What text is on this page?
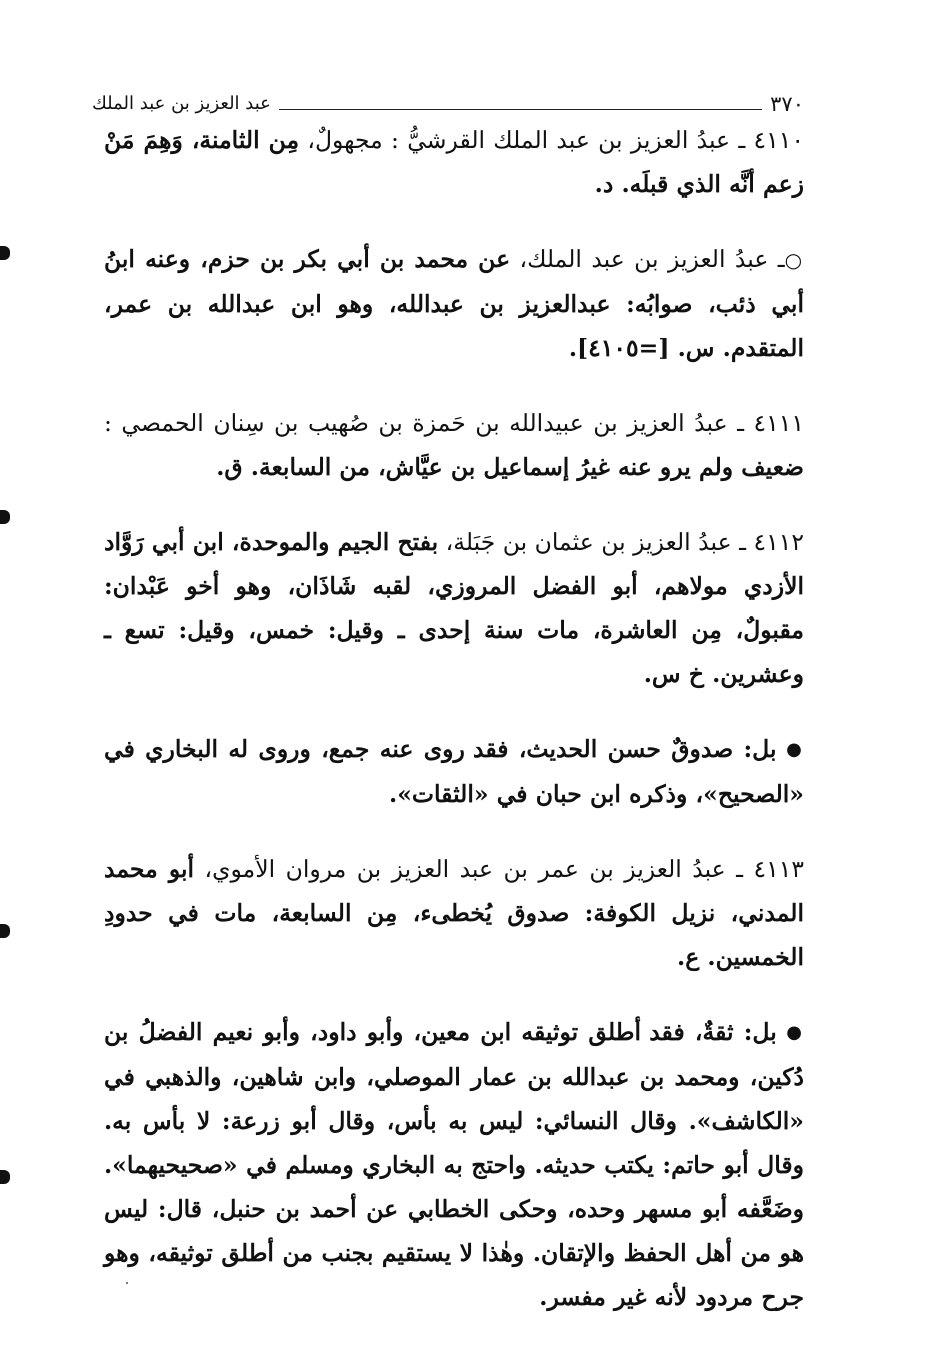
٣٧٠
عبد العزيز بن عبد الملك

٤١١٠ ـ عبدُ العزيز بن عبد الملك القرشيُّ : مجهولٌ، مِن الثامنة، وَهِمَ مَنْ زعم أنَّه الذي قبلَه. د.

○ـ عبدُ العزيز بن عبد الملك، عن محمد بن أبي بكر بن حزم، وعنه ابنُ أبي ذئب، صوابُه: عبدالعزيز بن عبدالله، وهو ابن عبدالله بن عمر، المتقدم. س. [=٤١٠٥].

٤١١١ ـ عبدُ العزيز بن عبيدالله بن حَمزة بن صُهيب بن سِنان الحمصي : ضعيف ولم يرو عنه غيرُ إسماعيل بن عيَّاش، من السابعة. ق.

٤١١٢ ـ عبدُ العزيز بن عثمان بن جَبَلة، بفتح الجيم والموحدة، ابن أبي رَوَّاد الأزدي مولاهم، أبو الفضل المروزي، لقبه شَاذَان، وهو أخو عَبْدان: مقبولٌ، مِن العاشرة، مات سنة إحدى ـ وقيل: خمس، وقيل: تسع ـ وعشرين. خ س.

● بل: صدوقٌ حسن الحديث، فقد روى عنه جمع، وروى له البخاري في «الصحيح»، وذكره ابن حبان في «الثقات».

٤١١٣ ـ عبدُ العزيز بن عمر بن عبد العزيز بن مروان الأموي، أبو محمد المدني، نزيل الكوفة: صدوق يُخطىء، مِن السابعة، مات في حدودِ الخمسين. ع.

● بل: ثقةٌ، فقد أطلق توثيقه ابن معين، وأبو داود، وأبو نعيم الفضلُ بن دُكين، ومحمد بن عبدالله بن عمار الموصلي، وابن شاهين، والذهبي في «الكاشف». وقال النسائي: ليس به بأس، وقال أبو زرعة: لا بأس به. وقال أبو حاتم: يكتب حديثه. واحتج به البخاري ومسلم في «صحيحيهما». وضَعَّفه أبو مسهر وحده، وحكى الخطابي عن أحمد بن حنبل، قال: ليس هو من أهل الحفظ والإتقان. وهٰذا لا يستقيم بجنب من أطلق توثيقه، وهو جرح مردود لأنه غير مفسر.
